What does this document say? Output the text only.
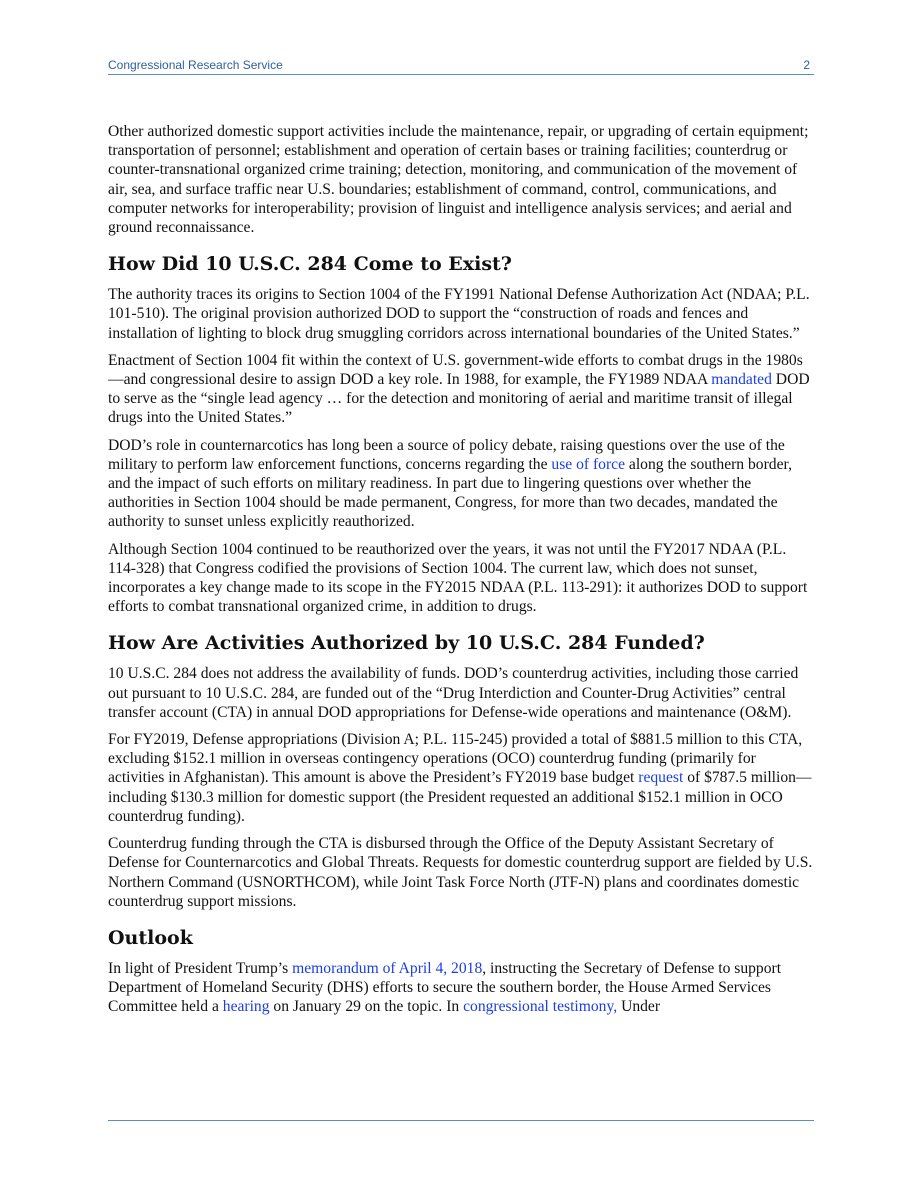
Congressional Research Service	2

Other authorized domestic support activities include the maintenance, repair, or upgrading of certain equipment; transportation of personnel; establishment and operation of certain bases or training facilities; counterdrug or counter-transnational organized crime training; detection, monitoring, and communication of the movement of air, sea, and surface traffic near U.S. boundaries; establishment of command, control, communications, and computer networks for interoperability; provision of linguist and intelligence analysis services; and aerial and ground reconnaissance.

How Did 10 U.S.C. 284 Come to Exist?

The authority traces its origins to Section 1004 of the FY1991 National Defense Authorization Act (NDAA; P.L. 101-510). The original provision authorized DOD to support the “construction of roads and fences and installation of lighting to block drug smuggling corridors across international boundaries of the United States.”

Enactment of Section 1004 fit within the context of U.S. government-wide efforts to combat drugs in the 1980s—and congressional desire to assign DOD a key role. In 1988, for example, the FY1989 NDAA mandated DOD to serve as the “single lead agency … for the detection and monitoring of aerial and maritime transit of illegal drugs into the United States.”

DOD’s role in counternarcotics has long been a source of policy debate, raising questions over the use of the military to perform law enforcement functions, concerns regarding the use of force along the southern border, and the impact of such efforts on military readiness. In part due to lingering questions over whether the authorities in Section 1004 should be made permanent, Congress, for more than two decades, mandated the authority to sunset unless explicitly reauthorized.

Although Section 1004 continued to be reauthorized over the years, it was not until the FY2017 NDAA (P.L. 114-328) that Congress codified the provisions of Section 1004. The current law, which does not sunset, incorporates a key change made to its scope in the FY2015 NDAA (P.L. 113-291): it authorizes DOD to support efforts to combat transnational organized crime, in addition to drugs.

How Are Activities Authorized by 10 U.S.C. 284 Funded?

10 U.S.C. 284 does not address the availability of funds. DOD’s counterdrug activities, including those carried out pursuant to 10 U.S.C. 284, are funded out of the “Drug Interdiction and Counter-Drug Activities” central transfer account (CTA) in annual DOD appropriations for Defense-wide operations and maintenance (O&M).

For FY2019, Defense appropriations (Division A; P.L. 115-245) provided a total of $881.5 million to this CTA, excluding $152.1 million in overseas contingency operations (OCO) counterdrug funding (primarily for activities in Afghanistan). This amount is above the President’s FY2019 base budget request of $787.5 million—including $130.3 million for domestic support (the President requested an additional $152.1 million in OCO counterdrug funding).

Counterdrug funding through the CTA is disbursed through the Office of the Deputy Assistant Secretary of Defense for Counternarcotics and Global Threats. Requests for domestic counterdrug support are fielded by U.S. Northern Command (USNORTHCOM), while Joint Task Force North (JTF-N) plans and coordinates domestic counterdrug support missions.

Outlook

In light of President Trump’s memorandum of April 4, 2018, instructing the Secretary of Defense to support Department of Homeland Security (DHS) efforts to secure the southern border, the House Armed Services Committee held a hearing on January 29 on the topic. In congressional testimony, Under
